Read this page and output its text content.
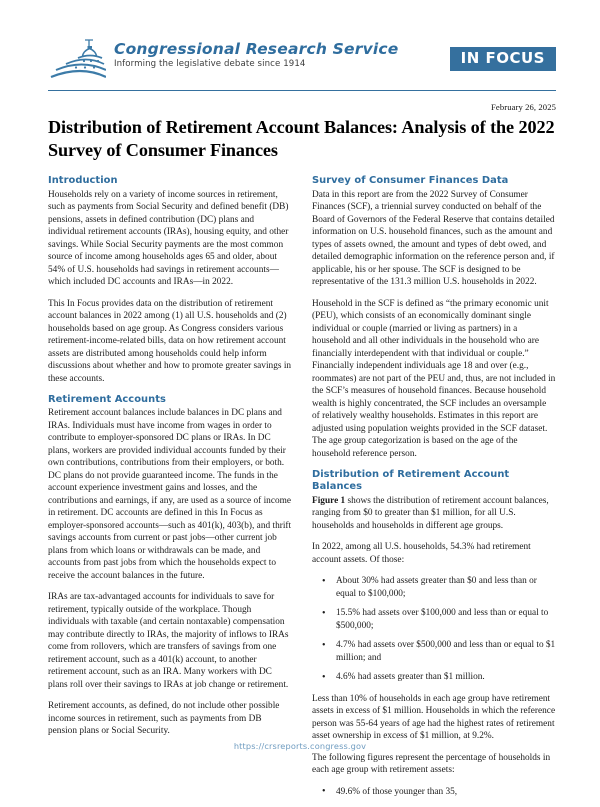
Congressional Research Service
Informing the legislative debate since 1914	IN FOCUS
February 26, 2025
Distribution of Retirement Account Balances: Analysis of the 2022 Survey of Consumer Finances
Introduction

Households rely on a variety of income sources in retirement, such as payments from Social Security and defined benefit (DB) pensions, assets in defined contribution (DC) plans and individual retirement accounts (IRAs), housing equity, and other savings. While Social Security payments are the most common source of income among households ages 65 and older, about 54% of U.S. households had savings in retirement accounts—which included DC accounts and IRAs—in 2022.

This In Focus provides data on the distribution of retirement account balances in 2022 among (1) all U.S. households and (2) households based on age group. As Congress considers various retirement-income-related bills, data on how retirement account assets are distributed among households could help inform discussions about whether and how to promote greater savings in these accounts.

Retirement Accounts

Retirement account balances include balances in DC plans and IRAs. Individuals must have income from wages in order to contribute to employer-sponsored DC plans or IRAs. In DC plans, workers are provided individual accounts funded by their own contributions, contributions from their employers, or both. DC plans do not provide guaranteed income. The funds in the account experience investment gains and losses, and the contributions and earnings, if any, are used as a source of income in retirement. DC accounts are defined in this In Focus as employer-sponsored accounts—such as 401(k), 403(b), and thrift savings accounts from current or past jobs—other current job plans from which loans or withdrawals can be made, and accounts from past jobs from which the households expect to receive the account balances in the future.

IRAs are tax-advantaged accounts for individuals to save for retirement, typically outside of the workplace. Though individuals with taxable (and certain nontaxable) compensation may contribute directly to IRAs, the majority of inflows to IRAs come from rollovers, which are transfers of savings from one retirement account, such as a 401(k) account, to another retirement account, such as an IRA. Many workers with DC plans roll over their savings to IRAs at job change or retirement.

Retirement accounts, as defined, do not include other possible income sources in retirement, such as payments from DB pension plans or Social Security.

Survey of Consumer Finances Data

Data in this report are from the 2022 Survey of Consumer Finances (SCF), a triennial survey conducted on behalf of the Board of Governors of the Federal Reserve that contains detailed information on U.S. household finances, such as the amount and types of assets owned, the amount and types of debt owed, and detailed demographic information on the reference person and, if applicable, his or her spouse. The SCF is designed to be representative of the 131.3 million U.S. households in 2022.

Household in the SCF is defined as “the primary economic unit (PEU), which consists of an economically dominant single individual or couple (married or living as partners) in a household and all other individuals in the household who are financially interdependent with that individual or couple.” Financially independent individuals age 18 and over (e.g., roommates) are not part of the PEU and, thus, are not included in the SCF’s measures of household finances. Because household wealth is highly concentrated, the SCF includes an oversample of relatively wealthy households. Estimates in this report are adjusted using population weights provided in the SCF dataset. The age group categorization is based on the age of the household reference person.

Distribution of Retirement Account Balances

Figure 1 shows the distribution of retirement account balances, ranging from $0 to greater than $1 million, for all U.S. households and households in different age groups.

In 2022, among all U.S. households, 54.3% had retirement account assets. Of those:

• About 30% had assets greater than $0 and less than or equal to $100,000;
• 15.5% had assets over $100,000 and less than or equal to $500,000;
• 4.7% had assets over $500,000 and less than or equal to $1 million; and
• 4.6% had assets greater than $1 million.

Less than 10% of households in each age group have retirement assets in excess of $1 million. Households in which the reference person was 55-64 years of age had the highest rates of retirement asset ownership in excess of $1 million, at 9.2%.

The following figures represent the percentage of households in each age group with retirement assets:

• 49.6% of those younger than 35,
https://crsreports.congress.gov
